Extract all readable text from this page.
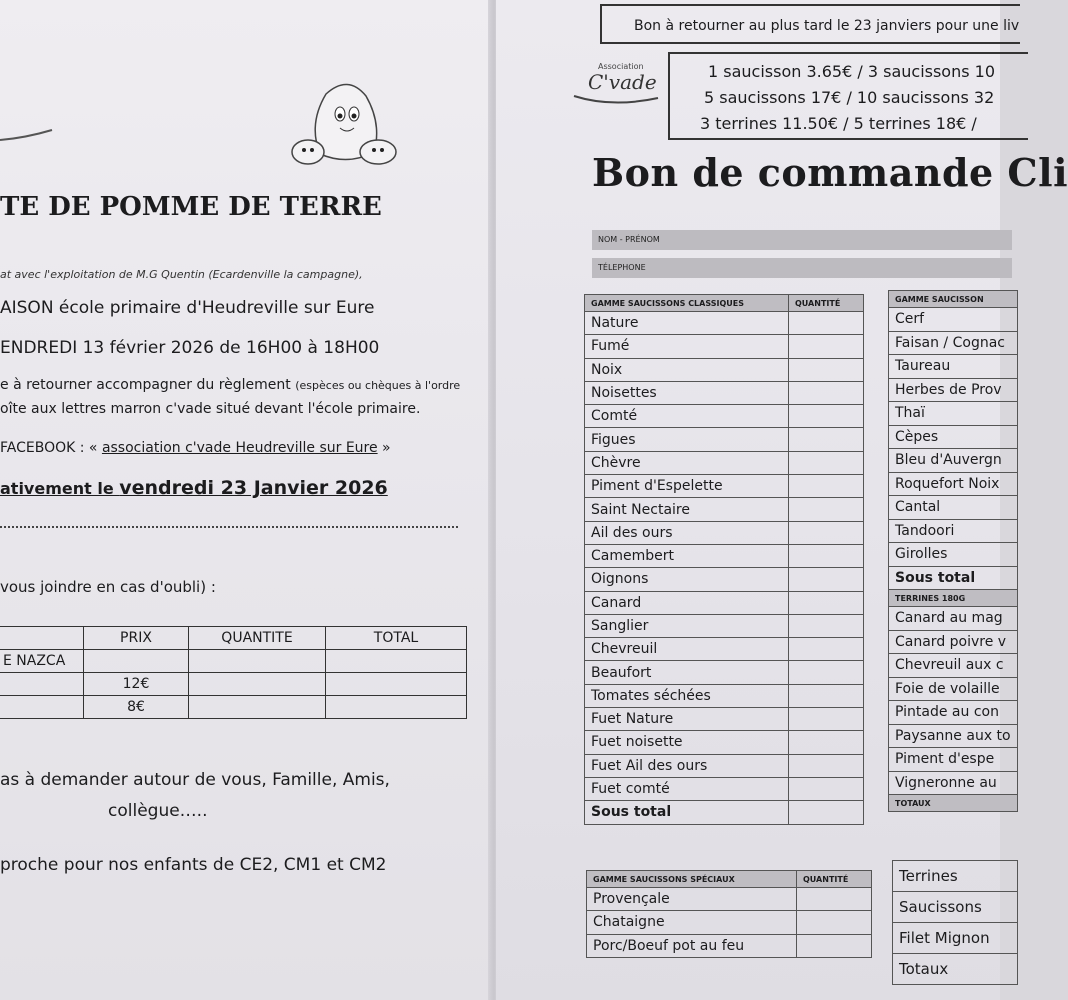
TE DE POMME DE TERRE
at avec l'exploitation de M.G Quentin (Ecardenville la campagne),
AISON école primaire d'Heudreville sur Eure
ENDREDI 13 février 2026 de 16H00 à 18H00
e à retourner accompagner du règlement (espèces ou chèques à l'ordre
oîte aux lettres marron c'vade situé devant l'école primaire.
FACEBOOK : « association c'vade Heudreville sur Eure »
ativement le vendredi 23 Janvier 2026
vous joindre en cas d'oubli) :
	PRIX	QUANTITE	TOTAL
E NAZCA			
	12€		
	8€		
as à demander autour de vous, Famille, Amis,
collègue…..
proche pour nos enfants de CE2, CM1 et CM2
Bon à retourner au plus tard le 23 janviers pour une liv
Association
C'vade	1 saucisson 3.65€ / 3 saucissons 10
5 saucissons 17€ / 10 saucissons 32
3 terrines 11.50€ / 5 terrines 18€ /
Bon de commande Cli
NOM - PRÉNOM
TÉLEPHONE
GAMME SAUCISSONS CLASSIQUES	QUANTITÉ
Nature	
Fumé	
Noix	
Noisettes	
Comté	
Figues	
Chèvre	
Piment d'Espelette	
Saint Nectaire	
Ail des ours	
Camembert	
Oignons	
Canard	
Sanglier	
Chevreuil	
Beaufort	
Tomates séchées	
Fuet Nature	
Fuet noisette	
Fuet Ail des ours	
Fuet comté	
Sous total	
GAMME SAUCISSONS SPÉCIAUX	QUANTITÉ
Provençale	
Chataigne	
Porc/Boeuf pot au feu	
GAMME SAUCISSON
Cerf
Faisan / Cognac
Taureau
Herbes de Prov
Thaï
Cèpes
Bleu d'Auvergn
Roquefort Noix
Cantal
Tandoori
Girolles
Sous total
TERRINES 180G
Canard au mag
Canard poivre v
Chevreuil aux c
Foie de volaille
Pintade au con
Paysanne aux to
Piment d'espe
Vigneronne au
TOTAUX
Terrines
Saucissons
Filet Mignon
Totaux
